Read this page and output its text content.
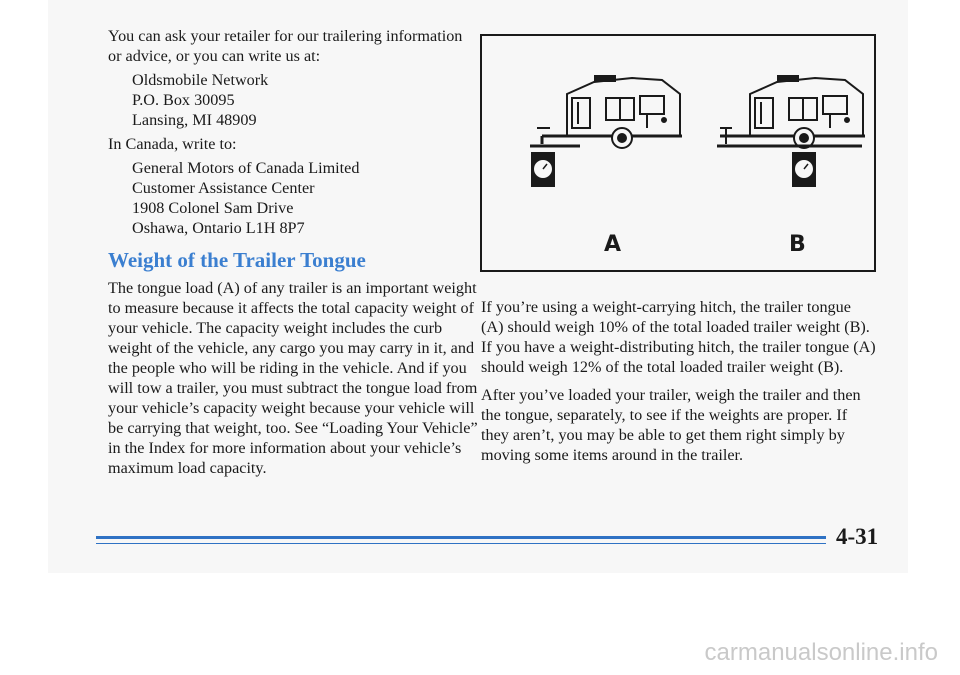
You can ask your retailer for our trailering information or advice, or you can write us at:

Oldsmobile Network

P.O. Box 30095

Lansing, MI 48909

In Canada, write to:

General Motors of Canada Limited

Customer Assistance Center

1908 Colonel Sam Drive

Oshawa, Ontario L1H 8P7

Weight of the Trailer Tongue

The tongue load (A) of any trailer is an important weight to measure because it affects the total capacity weight of your vehicle. The capacity weight includes the curb weight of the vehicle, any cargo you may carry in it, and the people who will be riding in the vehicle. And if you will tow a trailer, you must subtract the tongue load from your vehicle’s capacity weight because your vehicle will be carrying that weight, too. See “Loading Your Vehicle” in the Index for more information about your vehicle’s maximum load capacity.

A	B

If you’re using a weight-carrying hitch, the trailer tongue (A) should weigh 10% of the total loaded trailer weight (B). If you have a weight-distributing hitch, the trailer tongue (A) should weigh 12% of the total loaded trailer weight (B).

After you’ve loaded your trailer, weigh the trailer and then the tongue, separately, to see if the weights are proper. If they aren’t, you may be able to get them right simply by moving some items around in the trailer.

4-31
carmanualsonline.info
